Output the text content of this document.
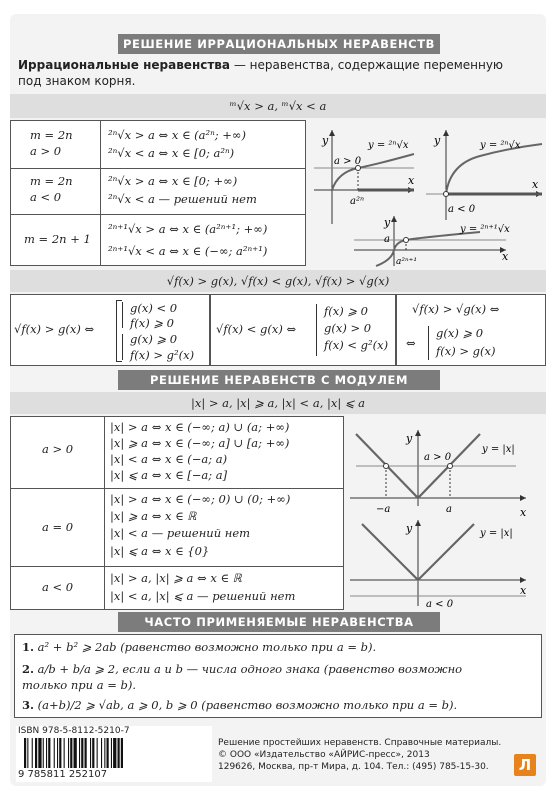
РЕШЕНИЕ ИРРАЦИОНАЛЬНЫХ НЕРАВЕНСТВ
Иррациональные неравенства — неравенства, содержащие переменную
под знаком корня.
ᵐ√x > a, ᵐ√x < a
m = 2n
a > 0
²ⁿ√x > a ⇔ x ∈ (a²ⁿ; +∞)
²ⁿ√x < a ⇔ x ∈ [0; a²ⁿ)
m = 2n
a < 0
²ⁿ√x > a ⇔ x ∈ [0; +∞)
²ⁿ√x < a — решений нет
m = 2n + 1
²ⁿ⁺¹√x > a ⇔ x ∈ (a²ⁿ⁺¹; +∞)
²ⁿ⁺¹√x < a ⇔ x ∈ (−∞; a²ⁿ⁺¹)
y
x
y = ²ⁿ√x
a > 0
a²ⁿ
y
x
y = ²ⁿ√x
a < 0
y
x
y = ²ⁿ⁺¹√x
a
a²ⁿ⁺¹
√f(x) > g(x), √f(x) < g(x), √f(x) > √g(x)
√f(x) > g(x) ⇔
g(x) < 0
f(x) ⩾ 0
g(x) ⩾ 0
f(x) > g²(x)
√f(x) < g(x) ⇔
f(x) ⩾ 0
g(x) > 0
f(x) < g²(x)
√f(x) > √g(x) ⇔
⇔
g(x) ⩾ 0
f(x) > g(x)
РЕШЕНИЕ НЕРАВЕНСТВ С МОДУЛЕМ
|x| > a, |x| ⩾ a, |x| < a, |x| ⩽ a
a > 0
|x| > a ⇔ x ∈ (−∞; a) ∪ (a; +∞)
|x| ⩾ a ⇔ x ∈ (−∞; a] ∪ [a; +∞)
|x| < a ⇔ x ∈ (−a; a)
|x| ⩽ a ⇔ x ∈ [−a; a]
a = 0
|x| > a ⇔ x ∈ (−∞; 0) ∪ (0; +∞)
|x| ⩾ a ⇔ x ∈ ℝ
|x| < a — решений нет
|x| ⩽ a ⇔ x ∈ {0}
a < 0
|x| > a, |x| ⩾ a ⇔ x ∈ ℝ
|x| < a, |x| ⩽ a — решений нет
y
x
a > 0
y = |x|
−a	a
y
x
y = |x|
a < 0
ЧАСТО ПРИМЕНЯЕМЫЕ НЕРАВЕНСТВА
1. a² + b² ⩾ 2ab (равенство возможно только при a = b).
2. a/b + b/a ⩾ 2, если a и b — числа одного знака (равенство возможно
только при a = b).
3. (a+b)/2 ⩾ √ab, a ⩾ 0, b ⩾ 0 (равенство возможно только при a = b).
ISBN 978-5-8112-5210-7
9 785811 252107
Решение простейших неравенств. Справочные материалы.
© ООО «Издательство «АЙРИС-пресс», 2013
129626, Москва, пр-т Мира, д. 104. Тел.: (495) 785-15-30.	Л
